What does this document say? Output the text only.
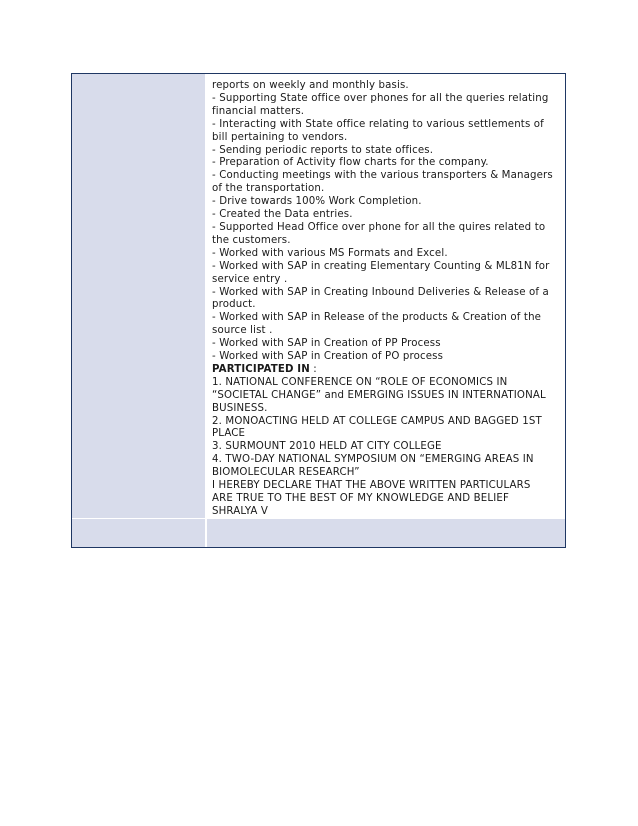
reports on weekly and monthly basis.
- Supporting State office over phones for all the queries relating
financial matters.
- Interacting with State office relating to various settlements of
bill pertaining to vendors.
- Sending periodic reports to state offices.
- Preparation of Activity flow charts for the company.
- Conducting meetings with the various transporters & Managers
of the transportation.
- Drive towards 100% Work Completion.
- Created the Data entries.
- Supported Head Office over phone for all the quires related to
the customers.
- Worked with various MS Formats and Excel.
- Worked with SAP in creating Elementary Counting & ML81N for
service entry .
- Worked with SAP in Creating Inbound Deliveries & Release of a
product.
- Worked with SAP in Release of the products & Creation of the
source list .
- Worked with SAP in Creation of PP Process
- Worked with SAP in Creation of PO process
PARTICIPATED IN :
1. NATIONAL CONFERENCE ON “ROLE OF ECONOMICS IN
“SOCIETAL CHANGE” and EMERGING ISSUES IN INTERNATIONAL
BUSINESS.
2. MONOACTING HELD AT COLLEGE CAMPUS AND BAGGED 1ST
PLACE
3. SURMOUNT 2010 HELD AT CITY COLLEGE
4. TWO-DAY NATIONAL SYMPOSIUM ON “EMERGING AREAS IN
BIOMOLECULAR RESEARCH”
I HEREBY DECLARE THAT THE ABOVE WRITTEN PARTICULARS
ARE TRUE TO THE BEST OF MY KNOWLEDGE AND BELIEF
SHRALYA V
